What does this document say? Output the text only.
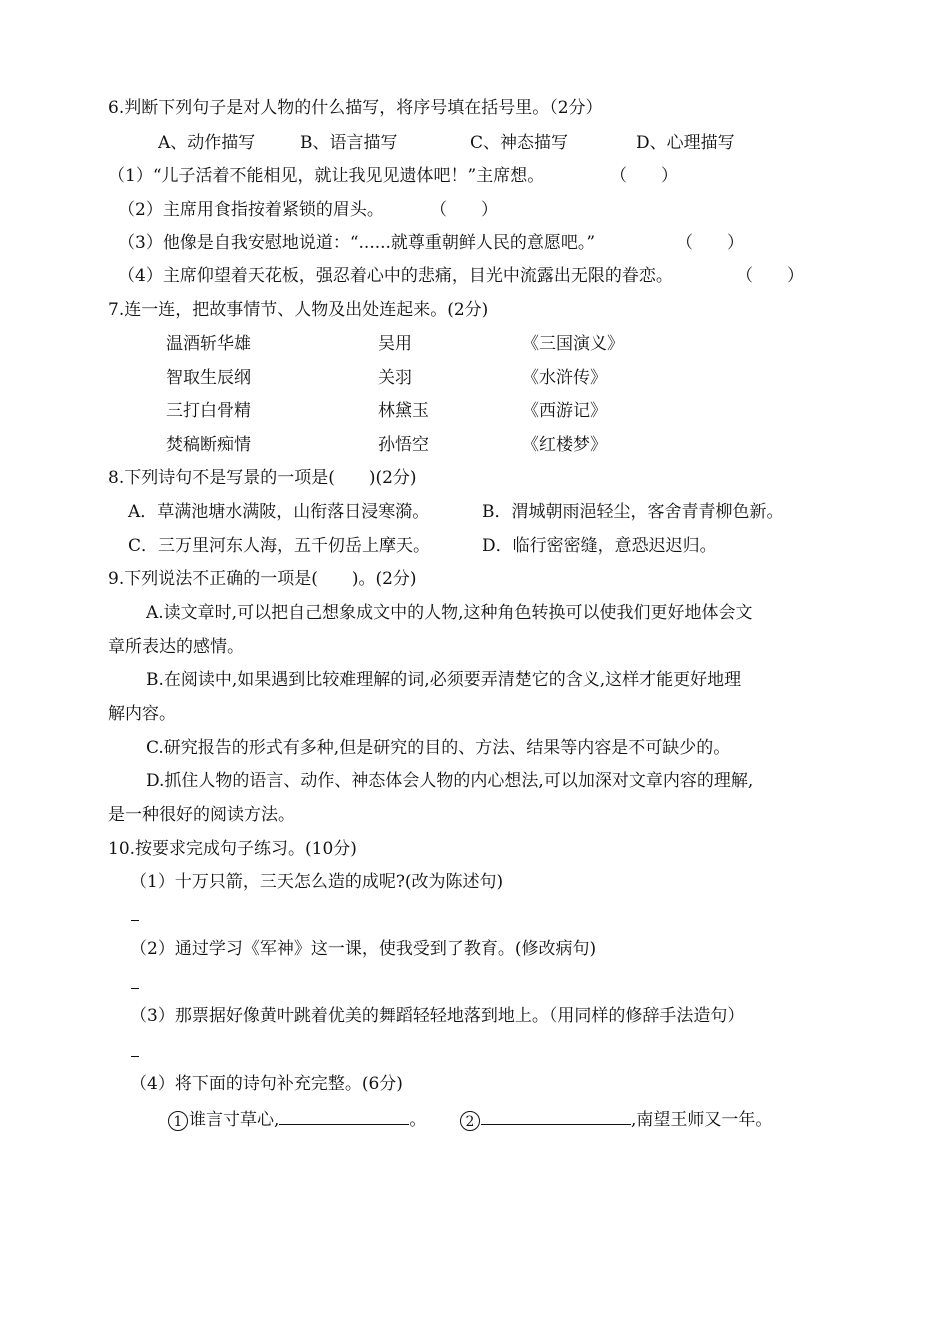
6.判断下列句子是对人物的什么描写，将序号填在括号里。（2分）
A、动作描写	B、语言描写	C、神态描写	D、心理描写
（1）“儿子活着不能相见，就让我见见遗体吧！”主席想。	（　　）
（2）主席用食指按着紧锁的眉头。	（　　）
（3）他像是自我安慰地说道：“......就尊重朝鲜人民的意愿吧。”	（　　）
（4）主席仰望着天花板，强忍着心中的悲痛，目光中流露出无限的眷恋。	（　　）
7.连一连，把故事情节、人物及出处连起来。(2分)
温酒斩华雄	吴用	《三国演义》
智取生辰纲	关羽	《水浒传》
三打白骨精	林黛玉	《西游记》
焚稿断痴情	孙悟空	《红楼梦》
8.下列诗句不是写景的一项是(　　)(2分)
A．草满池塘水满陂，山衔落日浸寒漪。	B．渭城朝雨浥轻尘，客舍青青柳色新。
C．三万里河东人海，五千仞岳上摩天。	D．临行密密缝，意恐迟迟归。
9.下列说法不正确的一项是(　　)。(2分)
A.读文章时,可以把自己想象成文中的人物,这种角色转换可以使我们更好地体会文
章所表达的感情。
B.在阅读中,如果遇到比较难理解的词,必须要弄清楚它的含义,这样才能更好地理
解内容。
C.研究报告的形式有多种,但是研究的目的、方法、结果等内容是不可缺少的。
D.抓住人物的语言、动作、神态体会人物的内心想法,可以加深对文章内容的理解,
是一种很好的阅读方法。
10.按要求完成句子练习。(10分)
（1）十万只箭，三天怎么造的成呢?(改为陈述句)
（2）通过学习《军神》这一课，使我受到了教育。(修改病句)
（3）那票据好像黄叶跳着优美的舞蹈轻轻地落到地上。（用同样的修辞手法造句）
（4）将下面的诗句补充完整。(6分)
1 谁言寸草心,	。	2	,南望王师又一年。
